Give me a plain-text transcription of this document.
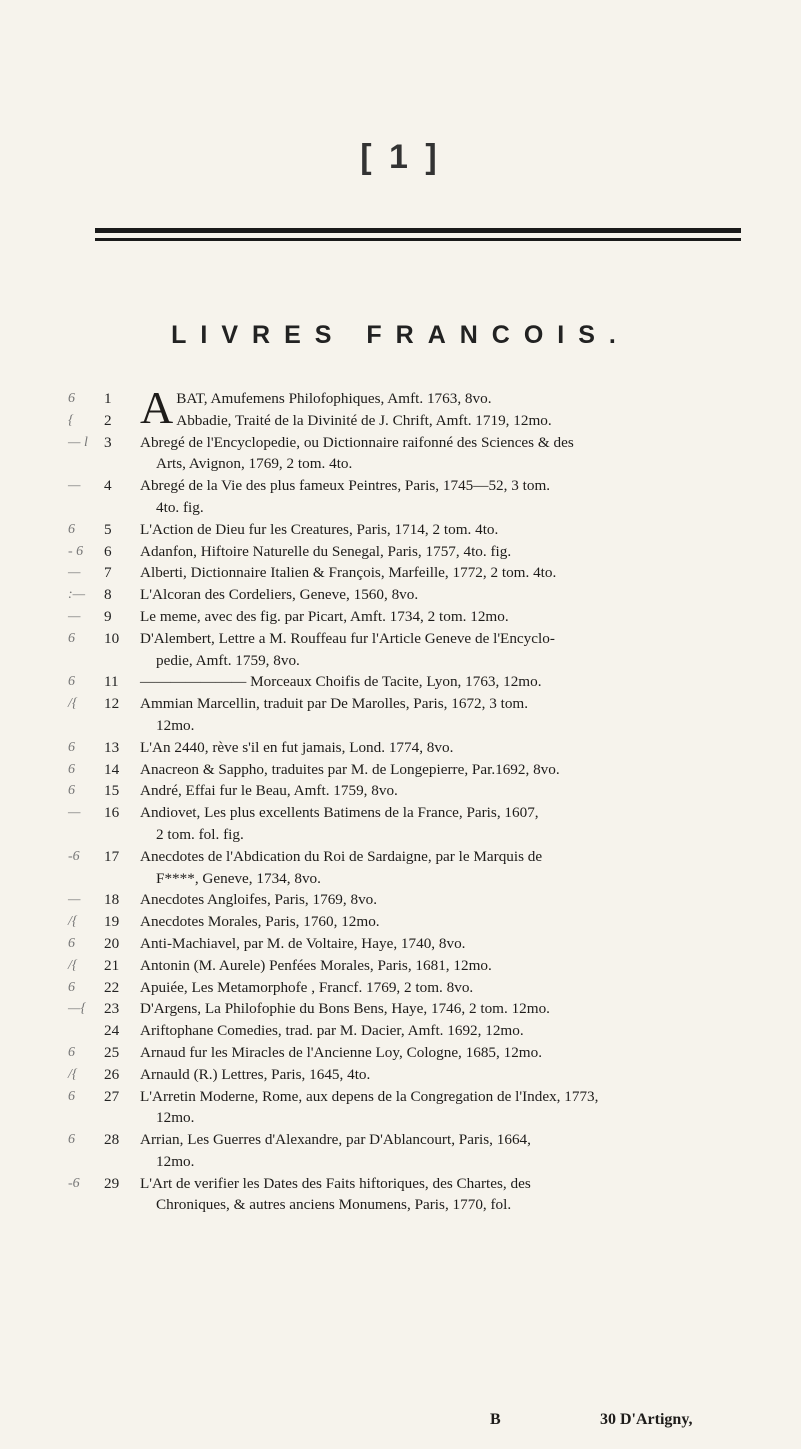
[ 1 ]
LIVRES FRANCOIS.
6	1 ABAT, Amufemens Philofophiques, Amft. 1763, 8vo.
{	2	Abbadie, Traité de la Divinité de J. Chrift, Amft. 1719, 12mo.
— l	3	Abregé de l'Encyclopedie, ou Dictionnaire raifonné des Sciences & des
Arts, Avignon, 1769, 2 tom. 4to.
—	4	Abregé de la Vie des plus fameux Peintres, Paris, 1745—52, 3 tom.
4to. fig.
6	5	L'Action de Dieu fur les Creatures, Paris, 1714, 2 tom. 4to.
- 6	6	Adanfon, Hiftoire Naturelle du Senegal, Paris, 1757, 4to. fig.
—	7	Alberti, Dictionnaire Italien & François, Marfeille, 1772, 2 tom. 4to.
:—	8	L'Alcoran des Cordeliers, Geneve, 1560, 8vo.
—	9	Le meme, avec des fig. par Picart, Amft. 1734, 2 tom. 12mo.
6	10	D'Alembert, Lettre a M. Rouffeau fur l'Article Geneve de l'Encyclo-
pedie, Amft. 1759, 8vo.
6	11	——————— Morceaux Choifis de Tacite, Lyon, 1763, 12mo.
/{	12	Ammian Marcellin, traduit par De Marolles, Paris, 1672, 3 tom.
12mo.
6	13	L'An 2440, rève s'il en fut jamais, Lond. 1774, 8vo.
6	14	Anacreon & Sappho, traduites par M. de Longepierre, Par.1692, 8vo.
6	15	André, Effai fur le Beau, Amft. 1759, 8vo.
—	16	Andiovet, Les plus excellents Batimens de la France, Paris, 1607,
2 tom. fol. fig.
-6	17	Anecdotes de l'Abdication du Roi de Sardaigne, par le Marquis de
F****, Geneve, 1734, 8vo.
—	18	Anecdotes Angloifes, Paris, 1769, 8vo.
/{	19	Anecdotes Morales, Paris, 1760, 12mo.
6	20	Anti-Machiavel, par M. de Voltaire, Haye, 1740, 8vo.
/{	21	Antonin (M. Aurele) Penfées Morales, Paris, 1681, 12mo.
6	22	Apuiée, Les Metamorphofe , Francf. 1769, 2 tom. 8vo.
—{	23	D'Argens, La Philofophie du Bons Bens, Haye, 1746, 2 tom. 12mo.
24	Ariftophane Comedies, trad. par M. Dacier, Amft. 1692, 12mo.
6	25	Arnaud fur les Miracles de l'Ancienne Loy, Cologne, 1685, 12mo.
/{	26	Arnauld (R.) Lettres, Paris, 1645, 4to.
6	27	L'Arretin Moderne, Rome, aux depens de la Congregation de l'Index, 1773,
12mo.
6	28	Arrian, Les Guerres d'Alexandre, par D'Ablancourt, Paris, 1664,
12mo.
-6	29	L'Art de verifier les Dates des Faits hiftoriques, des Chartes, des
Chroniques, & autres anciens Monumens, Paris, 1770, fol.
B	30 D'Artigny,
